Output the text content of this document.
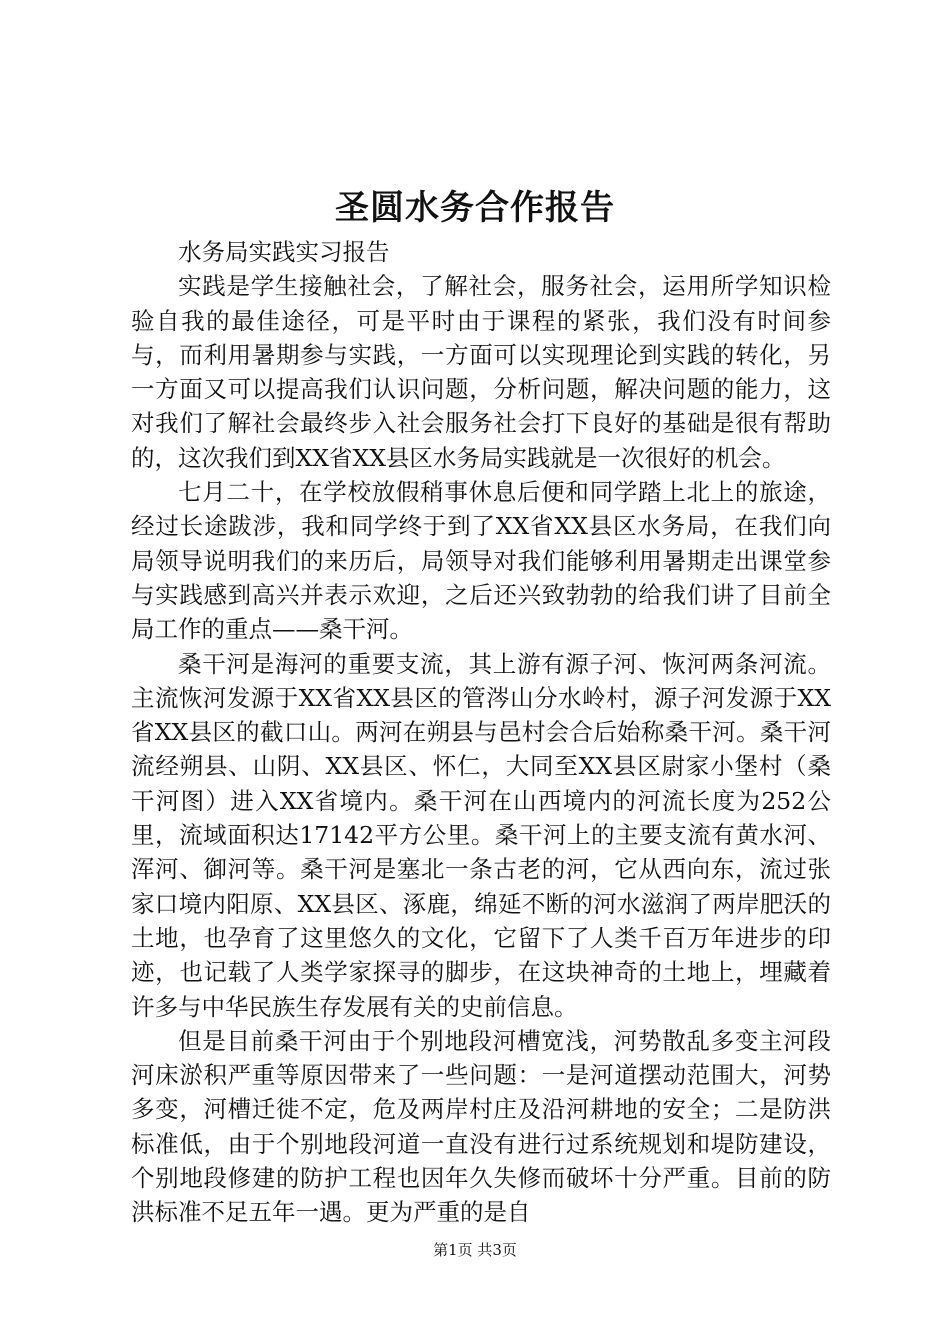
圣圆水务合作报告

水务局实践实习报告

实践是学生接触社会，了解社会，服务社会，运用所学知识检验自我的最佳途径，可是平时由于课程的紧张，我们没有时间参与，而利用暑期参与实践，一方面可以实现理论到实践的转化，另一方面又可以提高我们认识问题，分析问题，解决问题的能力，这对我们了解社会最终步入社会服务社会打下良好的基础是很有帮助的，这次我们到XX省XX县区水务局实践就是一次很好的机会。

七月二十，在学校放假稍事休息后便和同学踏上北上的旅途，经过长途跋涉，我和同学终于到了XX省XX县区水务局，在我们向局领导说明我们的来历后，局领导对我们能够利用暑期走出课堂参与实践感到高兴并表示欢迎，之后还兴致勃勃的给我们讲了目前全局工作的重点——桑干河。

桑干河是海河的重要支流，其上游有源子河、恢河两条河流。主流恢河发源于XX省XX县区的管涔山分水岭村，源子河发源于XX省XX县区的截口山。两河在朔县与邑村会合后始称桑干河。桑干河流经朔县、山阴、XX县区、怀仁，大同至XX县区尉家小堡村（桑干河图）进入XX省境内。桑干河在山西境内的河流长度为252公里，流域面积达17142平方公里。桑干河上的主要支流有黄水河、浑河、御河等。桑干河是塞北一条古老的河，它从西向东，流过张家口境内阳原、XX县区、涿鹿，绵延不断的河水滋润了两岸肥沃的土地，也孕育了这里悠久的文化，它留下了人类千百万年进步的印迹，也记载了人类学家探寻的脚步，在这块神奇的土地上，埋藏着许多与中华民族生存发展有关的史前信息。

但是目前桑干河由于个别地段河槽宽浅，河势散乱多变主河段河床淤积严重等原因带来了一些问题：一是河道摆动范围大，河势多变，河槽迁徙不定，危及两岸村庄及沿河耕地的安全；二是防洪标准低，由于个别地段河道一直没有进行过系统规划和堤防建设，个别地段修建的防护工程也因年久失修而破坏十分严重。目前的防洪标准不足五年一遇。更为严重的是自

第1页 共3页
